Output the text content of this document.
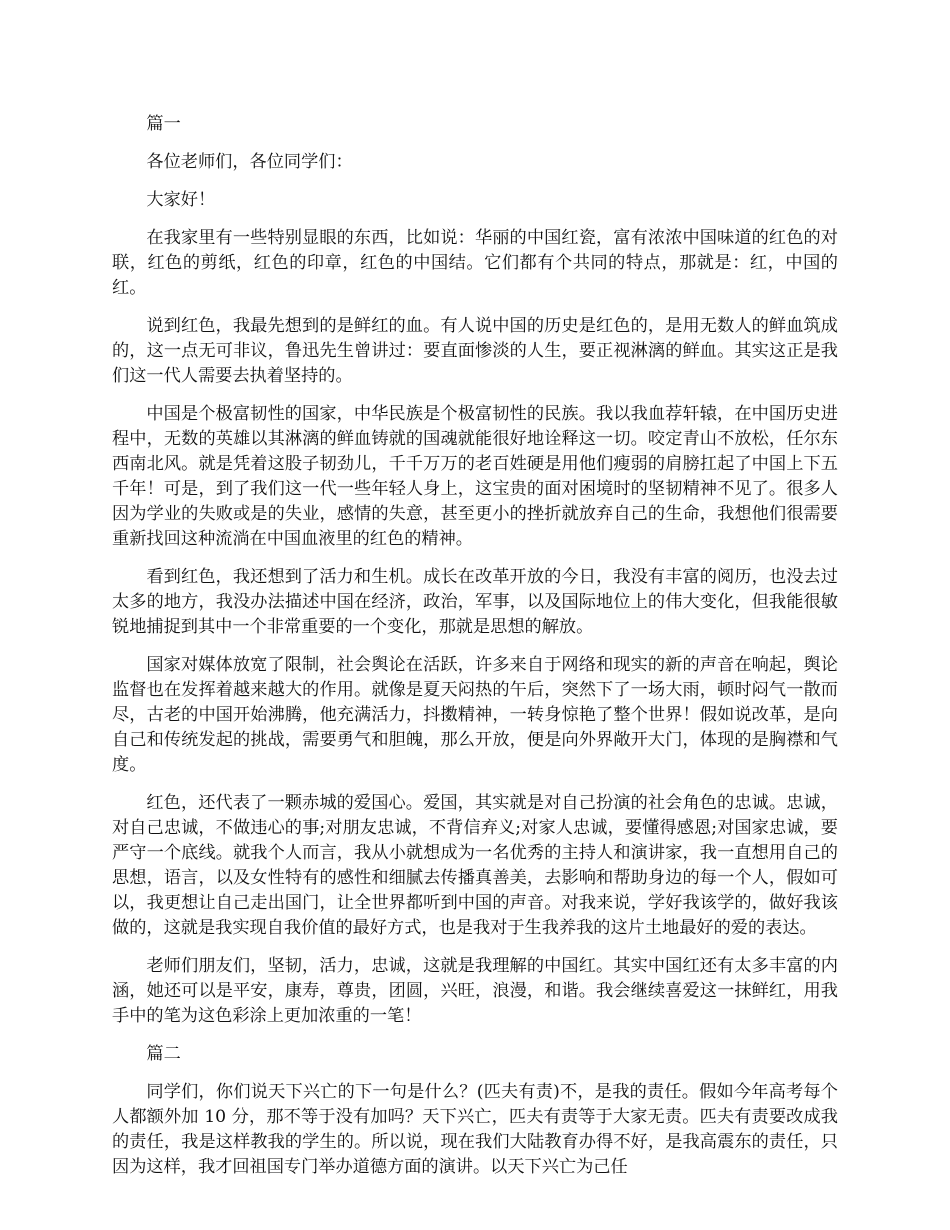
篇一

各位老师们，各位同学们：

大家好！

在我家里有一些特别显眼的东西，比如说：华丽的中国红瓷，富有浓浓中国味道的红色的对联，红色的剪纸，红色的印章，红色的中国结。它们都有个共同的特点，那就是：红，中国的红。

说到红色，我最先想到的是鲜红的血。有人说中国的历史是红色的，是用无数人的鲜血筑成的，这一点无可非议，鲁迅先生曾讲过：要直面惨淡的人生，要正视淋漓的鲜血。其实这正是我们这一代人需要去执着坚持的。

中国是个极富韧性的国家，中华民族是个极富韧性的民族。我以我血荐轩辕，在中国历史进程中，无数的英雄以其淋漓的鲜血铸就的国魂就能很好地诠释这一切。咬定青山不放松，任尔东西南北风。就是凭着这股子韧劲儿，千千万万的老百姓硬是用他们瘦弱的肩膀扛起了中国上下五千年！可是，到了我们这一代一些年轻人身上，这宝贵的面对困境时的坚韧精神不见了。很多人因为学业的失败或是的失业，感情的失意，甚至更小的挫折就放弃自己的生命，我想他们很需要重新找回这种流淌在中国血液里的红色的精神。

看到红色，我还想到了活力和生机。成长在改革开放的今日，我没有丰富的阅历，也没去过太多的地方，我没办法描述中国在经济，政治，军事，以及国际地位上的伟大变化，但我能很敏锐地捕捉到其中一个非常重要的一个变化，那就是思想的解放。

国家对媒体放宽了限制，社会舆论在活跃，许多来自于网络和现实的新的声音在响起，舆论监督也在发挥着越来越大的作用。就像是夏天闷热的午后，突然下了一场大雨，顿时闷气一散而尽，古老的中国开始沸腾，他充满活力，抖擞精神，一转身惊艳了整个世界！假如说改革，是向自己和传统发起的挑战，需要勇气和胆魄，那么开放，便是向外界敞开大门，体现的是胸襟和气度。

红色，还代表了一颗赤城的爱国心。爱国，其实就是对自己扮演的社会角色的忠诚。忠诚，对自己忠诚，不做违心的事;对朋友忠诚，不背信弃义;对家人忠诚，要懂得感恩;对国家忠诚，要严守一个底线。就我个人而言，我从小就想成为一名优秀的主持人和演讲家，我一直想用自己的思想，语言，以及女性特有的感性和细腻去传播真善美，去影响和帮助身边的每一个人，假如可以，我更想让自己走出国门，让全世界都听到中国的声音。对我来说，学好我该学的，做好我该做的，这就是我实现自我价值的最好方式，也是我对于生我养我的这片土地最好的爱的表达。

老师们朋友们，坚韧，活力，忠诚，这就是我理解的中国红。其实中国红还有太多丰富的内涵，她还可以是平安，康寿，尊贵，团圆，兴旺，浪漫，和谐。我会继续喜爱这一抹鲜红，用我手中的笔为这色彩涂上更加浓重的一笔！

篇二

同学们，你们说天下兴亡的下一句是什么？(匹夫有责)不，是我的责任。假如今年高考每个人都额外加 10 分，那不等于没有加吗？天下兴亡，匹夫有责等于大家无责。匹夫有责要改成我的责任，我是这样教我的学生的。所以说，现在我们大陆教育办得不好，是我高震东的责任，只因为这样，我才回祖国专门举办道德方面的演讲。以天下兴亡为己任
